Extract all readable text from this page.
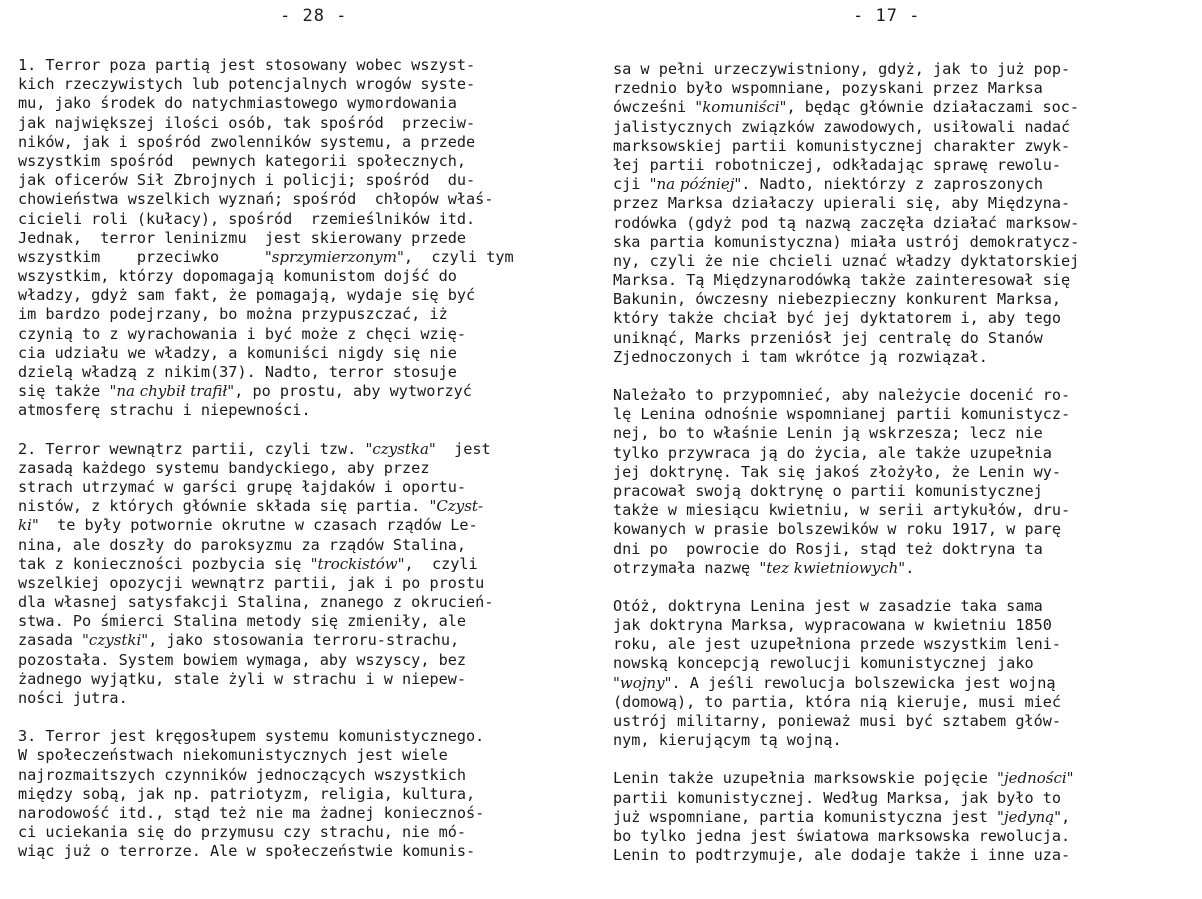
- 28 -
1. Terror poza partią jest stosowany wobec wszyst-
kich rzeczywistych lub potencjalnych wrogów syste-
mu, jako środek do natychmiastowego wymordowania
jak największej ilości osób, tak spośród  przeciw-
ników, jak i spośród zwolenników systemu, a przede
wszystkim spośród  pewnych kategorii społecznych,
jak oficerów Sił Zbrojnych i policji; spośród  du-
chowieństwa wszelkich wyznań; spośród  chłopów właś-
cicieli roli (kułacy), spośród  rzemieślników itd.
Jednak,  terror leninizmu  jest skierowany przede
wszystkim    przeciwko     "sprzymierzonym",  czyli tym
wszystkim, którzy dopomagają komunistom dojść do
władzy, gdyż sam fakt, że pomagają, wydaje się być
im bardzo podejrzany, bo można przypuszczać, iż
czynią to z wyrachowania i być może z chęci wzię-
cia udziału we władzy, a komuniści nigdy się nie
dzielą władzą z nikim(37). Nadto, terror stosuje
się także "na chybił trafił", po prostu, aby wytworzyć
atmosferę strachu i niepewności.
2. Terror wewnątrz partii, czyli tzw. "czystka"  jest
zasadą każdego systemu bandyckiego, aby przez
strach utrzymać w garści grupę łajdaków i oportu-
nistów, z których głównie składa się partia. "Czyst-
ki"  te były potwornie okrutne w czasach rządów Le-
nina, ale doszły do paroksyzmu za rządów Stalina,
tak z konieczności pozbycia się "trockistów",  czyli
wszelkiej opozycji wewnątrz partii, jak i po prostu
dla własnej satysfakcji Stalina, znanego z okrucień-
stwa. Po śmierci Stalina metody się zmieniły, ale
zasada "czystki", jako stosowania terroru-strachu,
pozostała. System bowiem wymaga, aby wszyscy, bez
żadnego wyjątku, stale żyli w strachu i w niepew-
ności jutra.
3. Terror jest kręgosłupem systemu komunistycznego.
W społeczeństwach niekomunistycznych jest wiele
najrozmaitszych czynników jednoczących wszystkich
między sobą, jak np. patriotyzm, religia, kultura,
narodowość itd., stąd też nie ma żadnej koniecznoś-
ci uciekania się do przymusu czy strachu, nie mó-
wiąc już o terrorze. Ale w społeczeństwie komunis-
- 17 -
sa w pełni urzeczywistniony, gdyż, jak to już pop-
rzednio było wspomniane, pozyskani przez Marksa
ówcześni "komuniści", będąc głównie działaczami soc-
jalistycznych związków zawodowych, usiłowali nadać
marksowskiej partii komunistycznej charakter zwyk-
łej partii robotniczej, odkładając sprawę rewolu-
cji "na później". Nadto, niektórzy z zaproszonych
przez Marksa działaczy upierali się, aby Międzyna-
rodówka (gdyż pod tą nazwą zaczęła działać marksow-
ska partia komunistyczna) miała ustrój demokratycz-
ny, czyli że nie chcieli uznać władzy dyktatorskiej
Marksa. Tą Międzynarodówką także zainteresował się
Bakunin, ówczesny niebezpieczny konkurent Marksa,
który także chciał być jej dyktatorem i, aby tego
uniknąć, Marks przeniósł jej centralę do Stanów
Zjednoczonych i tam wkrótce ją rozwiązał.
Należało to przypomnieć, aby należycie docenić ro-
lę Lenina odnośnie wspomnianej partii komunistycz-
nej, bo to właśnie Lenin ją wskrzesza; lecz nie
tylko przywraca ją do życia, ale także uzupełnia
jej doktrynę. Tak się jakoś złożyło, że Lenin wy-
pracował swoją doktrynę o partii komunistycznej
także w miesiącu kwietniu, w serii artykułów, dru-
kowanych w prasie bolszewików w roku 1917, w parę
dni po  powrocie do Rosji, stąd też doktryna ta
otrzymała nazwę "tez kwietniowych".
Otóż, doktryna Lenina jest w zasadzie taka sama
jak doktryna Marksa, wypracowana w kwietniu 1850
roku, ale jest uzupełniona przede wszystkim leni-
nowską koncepcją rewolucji komunistycznej jako
"wojny". A jeśli rewolucja bolszewicka jest wojną
(domową), to partia, która nią kieruje, musi mieć
ustrój militarny, ponieważ musi być sztabem głów-
nym, kierującym tą wojną.
Lenin także uzupełnia marksowskie pojęcie "jedności"
partii komunistycznej. Według Marksa, jak było to
już wspomniane, partia komunistyczna jest "jedyną",
bo tylko jedna jest światowa marksowska rewolucja.
Lenin to podtrzymuje, ale dodaje także i inne uza-
